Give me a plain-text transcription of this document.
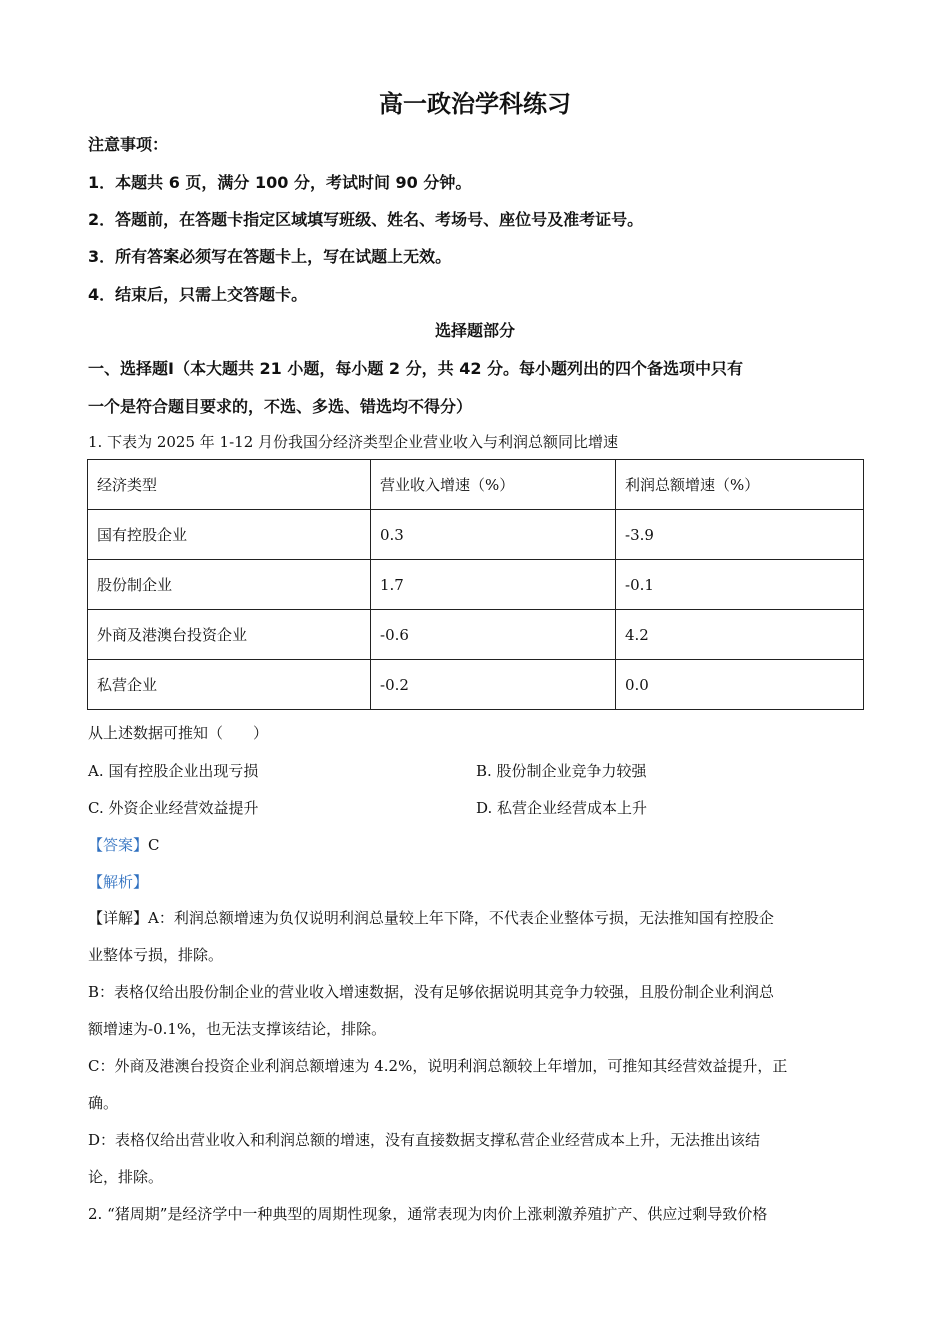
高一政治学科练习
注意事项：
1．本题共 6 页，满分 100 分，考试时间 90 分钟。
2．答题前，在答题卡指定区域填写班级、姓名、考场号、座位号及准考证号。
3．所有答案必须写在答题卡上，写在试题上无效。
4．结束后，只需上交答题卡。
选择题部分
一、选择题Ⅰ（本大题共 21 小题，每小题 2 分，共 42 分。每小题列出的四个备选项中只有
一个是符合题目要求的，不选、多选、错选均不得分）
1. 下表为 2025 年 1-12 月份我国分经济类型企业营业收入与利润总额同比增速
经济类型	营业收入增速（%）	利润总额增速（%）
国有控股企业	0.3	-3.9
股份制企业	1.7	-0.1
外商及港澳台投资企业	-0.6	4.2
私营企业	-0.2	0.0
从上述数据可推知（　　）
A. 国有控股企业出现亏损	B. 股份制企业竞争力较强
C. 外资企业经营效益提升	D. 私营企业经营成本上升
【答案】C
【解析】
【详解】A：利润总额增速为负仅说明利润总量较上年下降，不代表企业整体亏损，无法推知国有控股企
业整体亏损，排除。
B：表格仅给出股份制企业的营业收入增速数据，没有足够依据说明其竞争力较强，且股份制企业利润总
额增速为-0.1%，也无法支撑该结论，排除。
C：外商及港澳台投资企业利润总额增速为 4.2%，说明利润总额较上年增加，可推知其经营效益提升，正
确。
D：表格仅给出营业收入和利润总额的增速，没有直接数据支撑私营企业经营成本上升，无法推出该结
论，排除。
2. “猪周期”是经济学中一种典型的周期性现象，通常表现为肉价上涨刺激养殖扩产、供应过剩导致价格
